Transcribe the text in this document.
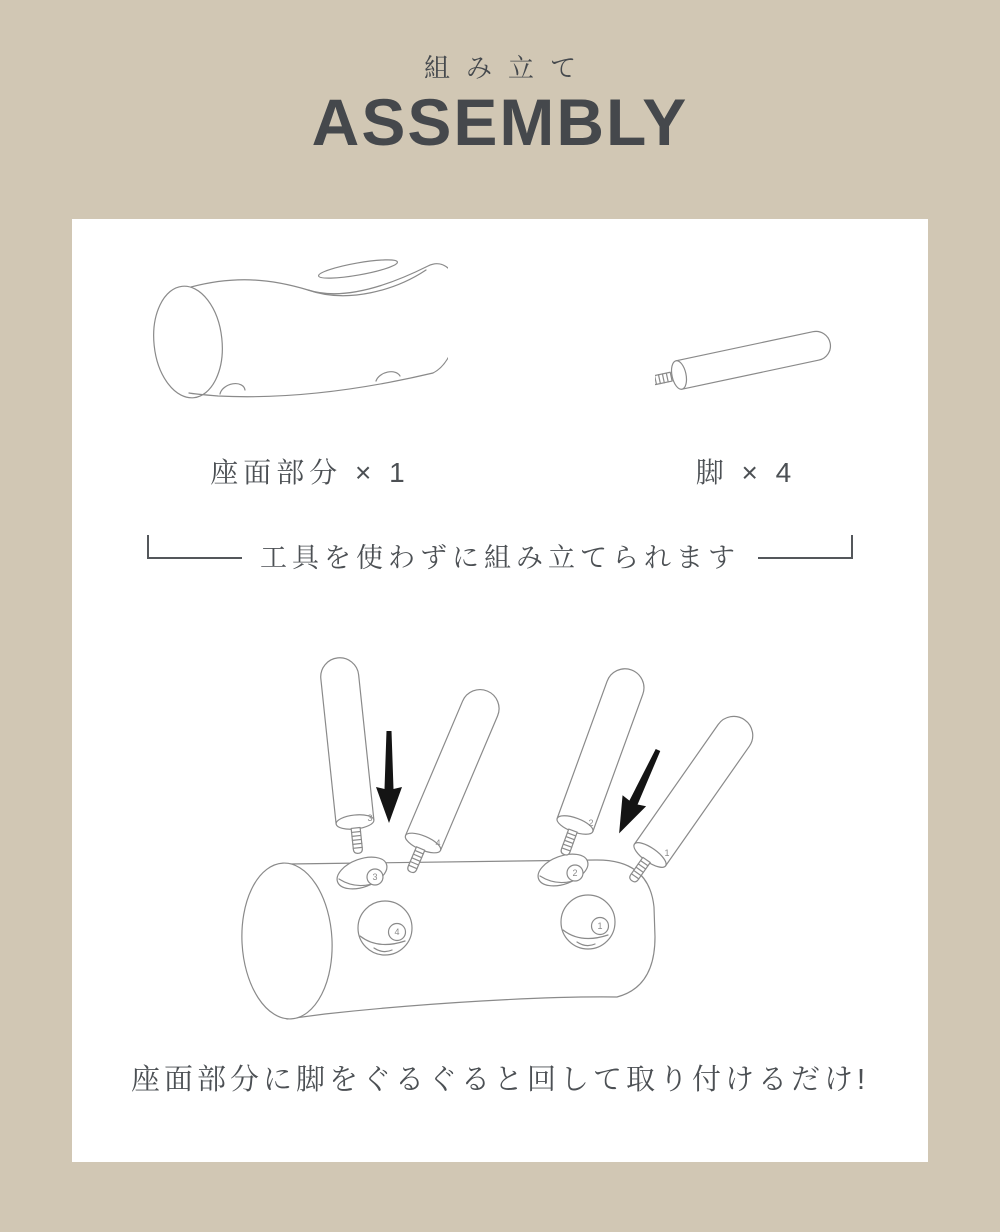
組み立て
ASSEMBLY
座面部分 × 1	脚 × 4
工具を使わずに組み立てられます
3	2
4
1
3
4
2
1
座面部分に脚をぐるぐると回して取り付けるだけ!
